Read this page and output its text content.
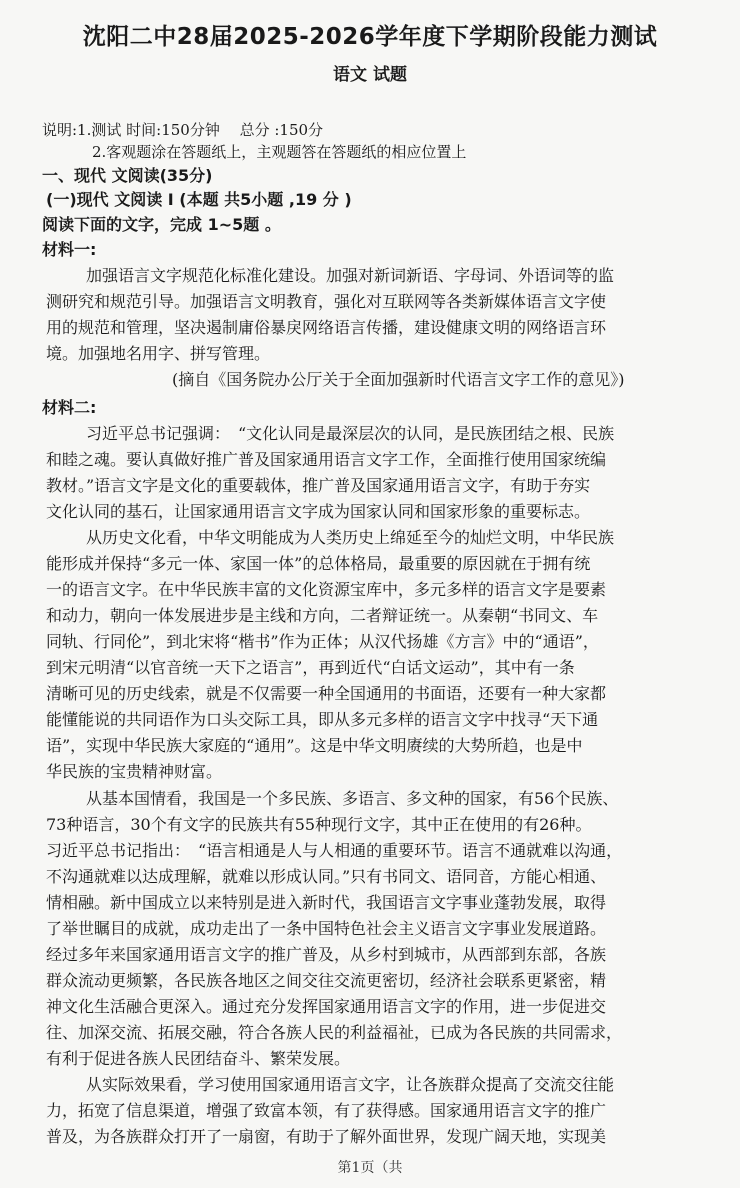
沈阳二中28届2025-2026学年度下学期阶段能力测试
语文 试题
说明:1.测试 时间:150分钟　 总分 :150分
2.客观题涂在答题纸上，主观题答在答题纸的相应位置上
一、现代 文阅读(35分)
(一)现代 文阅读 Ⅰ (本题 共5小题 ,19 分 )
阅读下面的文字，完成 1~5题 。
材料一:
加强语言文字规范化标准化建设。加强对新词新语、字母词、外语词等的监
测研究和规范引导。加强语言文明教育，强化对互联网等各类新媒体语言文字使
用的规范和管理，坚决遏制庸俗暴戾网络语言传播，建设健康文明的网络语言环
境。加强地名用字、拼写管理。
(摘自《国务院办公厅关于全面加强新时代语言文字工作的意见》)
材料二:
习近平总书记强调：　“文化认同是最深层次的认同，是民族团结之根、民族
和睦之魂。要认真做好推广普及国家通用语言文字工作，全面推行使用国家统编
教材。”语言文字是文化的重要载体，推广普及国家通用语言文字，有助于夯实
文化认同的基石，让国家通用语言文字成为国家认同和国家形象的重要标志。
从历史文化看，中华文明能成为人类历史上绵延至今的灿烂文明，中华民族
能形成并保持“多元一体、家国一体”的总体格局，最重要的原因就在于拥有统
一的语言文字。在中华民族丰富的文化资源宝库中，多元多样的语言文字是要素
和动力，朝向一体发展进步是主线和方向，二者辩证统一。从秦朝“书同文、车
同轨、行同伦”，到北宋将“楷书”作为正体；从汉代扬雄《方言》中的“通语”，
到宋元明清“以官音统一天下之语言”，再到近代“白话文运动”，其中有一条
清晰可见的历史线索，就是不仅需要一种全国通用的书面语，还要有一种大家都
能懂能说的共同语作为口头交际工具，即从多元多样的语言文字中找寻“天下通
语”，实现中华民族大家庭的“通用”。这是中华文明赓续的大势所趋，也是中
华民族的宝贵精神财富。
从基本国情看，我国是一个多民族、多语言、多文种的国家，有56个民族、
73种语言，30个有文字的民族共有55种现行文字，其中正在使用的有26种。
习近平总书记指出：　“语言相通是人与人相通的重要环节。语言不通就难以沟通，
不沟通就难以达成理解，就难以形成认同。”只有书同文、语同音，方能心相通、
情相融。新中国成立以来特别是进入新时代，我国语言文字事业蓬勃发展，取得
了举世瞩目的成就，成功走出了一条中国特色社会主义语言文字事业发展道路。
经过多年来国家通用语言文字的推广普及，从乡村到城市，从西部到东部，各族
群众流动更频繁，各民族各地区之间交往交流更密切，经济社会联系更紧密，精
神文化生活融合更深入。通过充分发挥国家通用语言文字的作用，进一步促进交
往、加深交流、拓展交融，符合各族人民的利益福祉，已成为各民族的共同需求，
有利于促进各族人民团结奋斗、繁荣发展。
从实际效果看，学习使用国家通用语言文字，让各族群众提高了交流交往能
力，拓宽了信息渠道，增强了致富本领，有了获得感。国家通用语言文字的推广
普及，为各族群众打开了一扇窗，有助于了解外面世界，发现广阔天地，实现美
第1页（共
